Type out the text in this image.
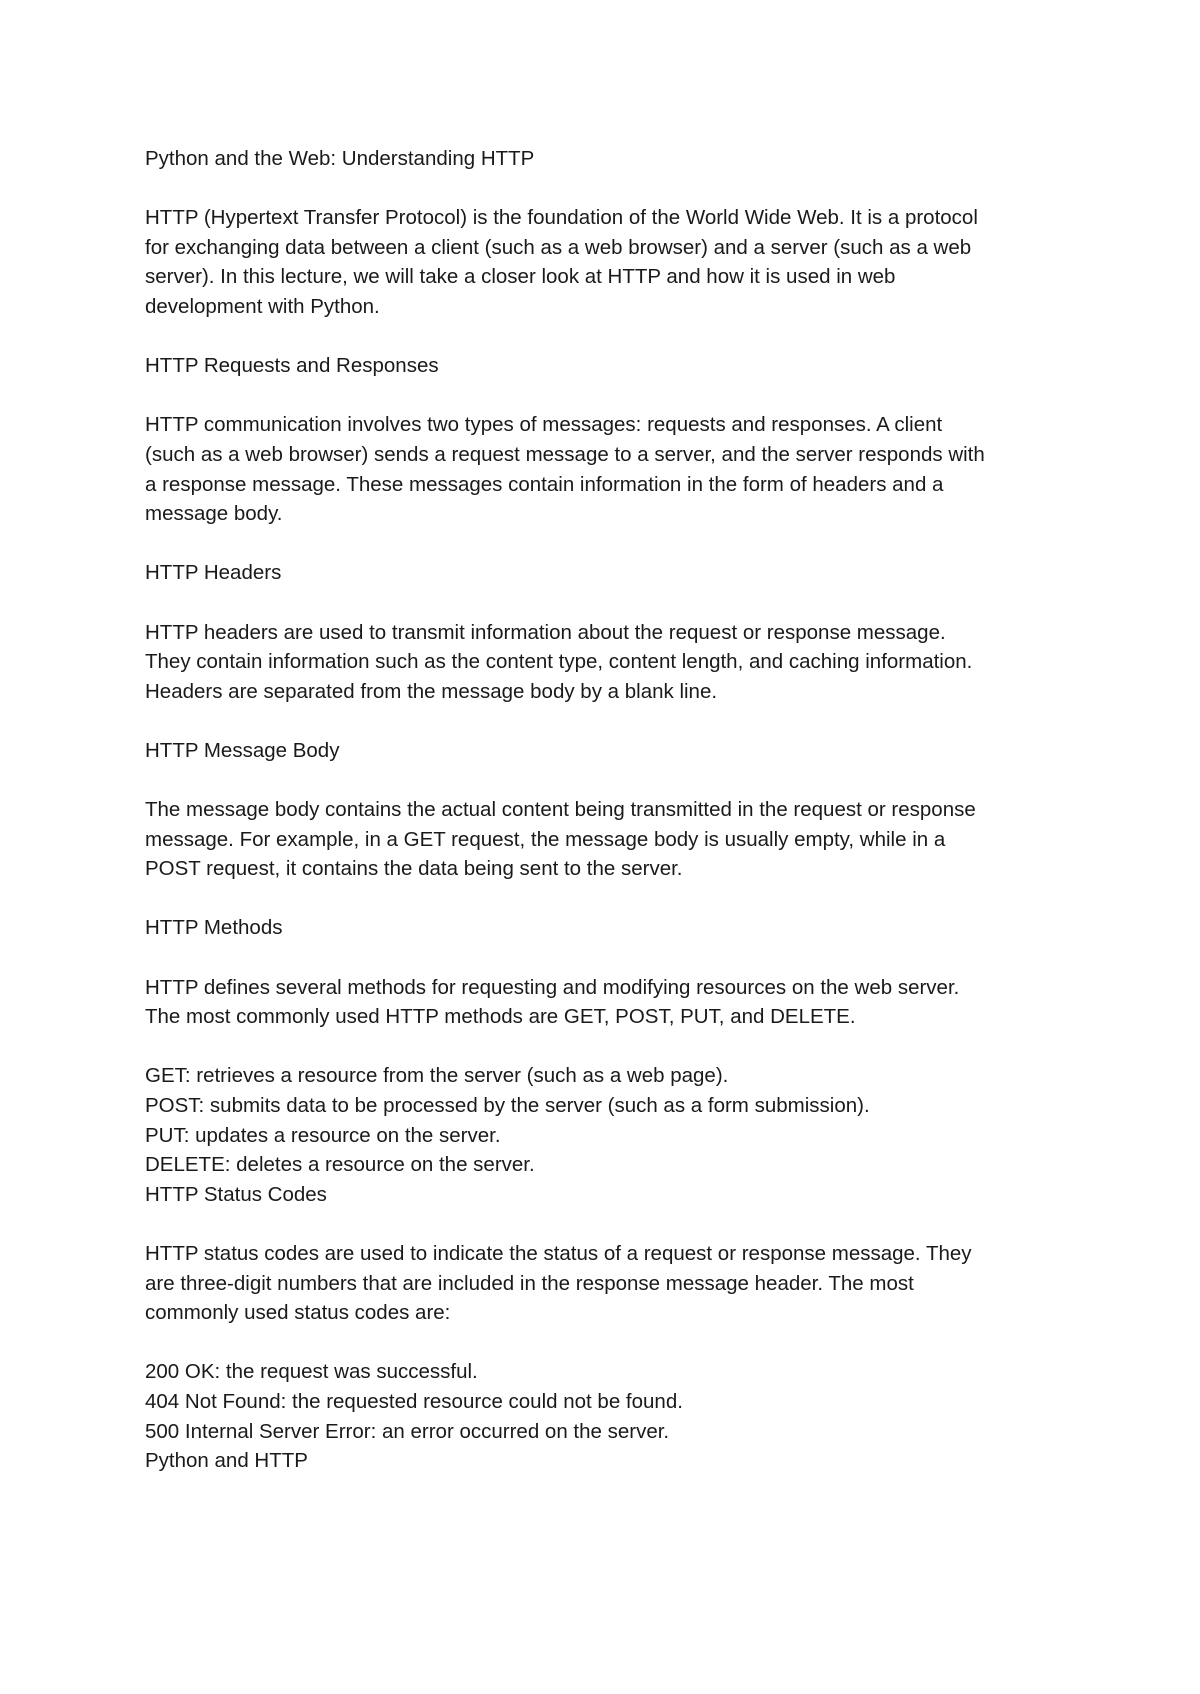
Python and the Web: Understanding HTTP

HTTP (Hypertext Transfer Protocol) is the foundation of the World Wide Web. It is a protocol
for exchanging data between a client (such as a web browser) and a server (such as a web
server). In this lecture, we will take a closer look at HTTP and how it is used in web
development with Python.

HTTP Requests and Responses

HTTP communication involves two types of messages: requests and responses. A client
(such as a web browser) sends a request message to a server, and the server responds with
a response message. These messages contain information in the form of headers and a
message body.

HTTP Headers

HTTP headers are used to transmit information about the request or response message.
They contain information such as the content type, content length, and caching information.
Headers are separated from the message body by a blank line.

HTTP Message Body

The message body contains the actual content being transmitted in the request or response
message. For example, in a GET request, the message body is usually empty, while in a
POST request, it contains the data being sent to the server.

HTTP Methods

HTTP defines several methods for requesting and modifying resources on the web server.
The most commonly used HTTP methods are GET, POST, PUT, and DELETE.

GET: retrieves a resource from the server (such as a web page).
POST: submits data to be processed by the server (such as a form submission).
PUT: updates a resource on the server.
DELETE: deletes a resource on the server.
HTTP Status Codes

HTTP status codes are used to indicate the status of a request or response message. They
are three-digit numbers that are included in the response message header. The most
commonly used status codes are:

200 OK: the request was successful.
404 Not Found: the requested resource could not be found.
500 Internal Server Error: an error occurred on the server.
Python and HTTP
